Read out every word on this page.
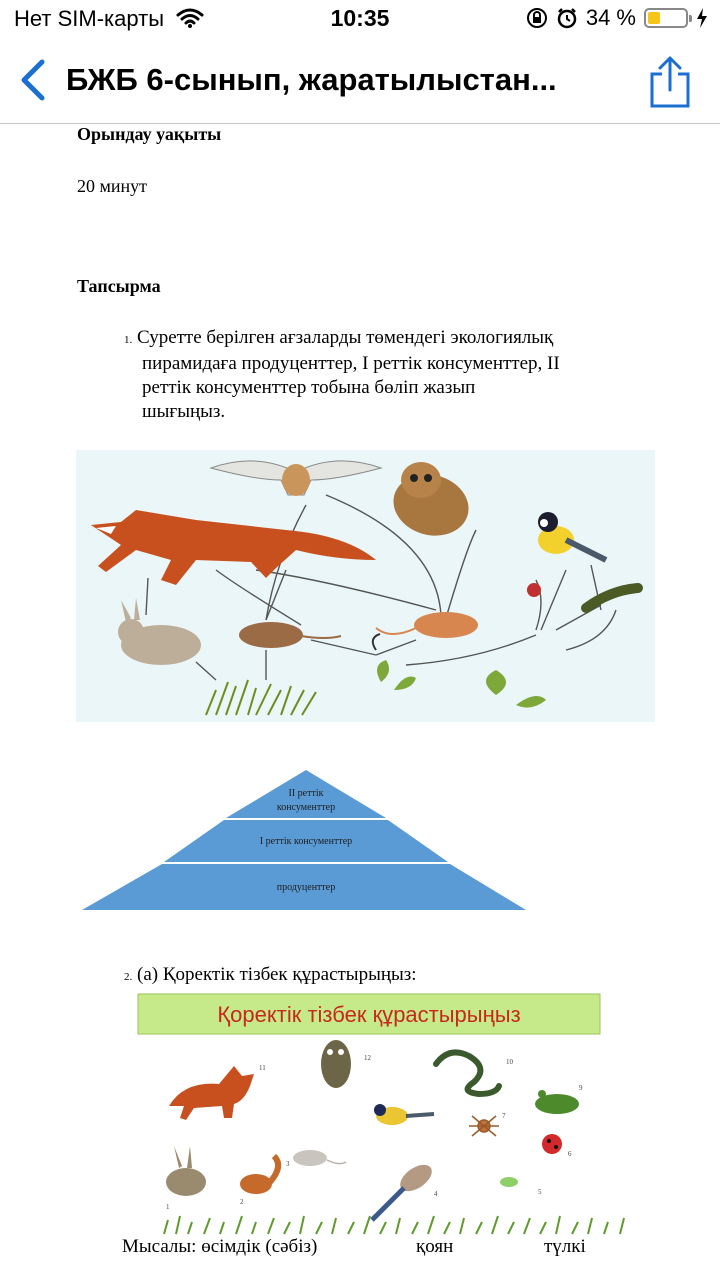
Нет SIM-карты	10:35	34 %
БЖБ 6-сынып, жаратылыстан...
Орындау уақыты
20 минут
Тапсырма
1. Суретте берілген ағзаларды төмендегі экологиялық
пирамидаға продуценттер, I реттік консументтер, II
реттік консументтер тобына бөліп жазып
шығыңыз.
II реттік
консументтер
I реттік консументтер
продуценттер
2. (а) Қоректік тізбек құрастырыңыз:
Қоректік тізбек құрастырыңыз
11
12	10
9
7
6
5
4
1
2
3
Мысалы: өсімдік (сәбіз)	қоян	түлкі
